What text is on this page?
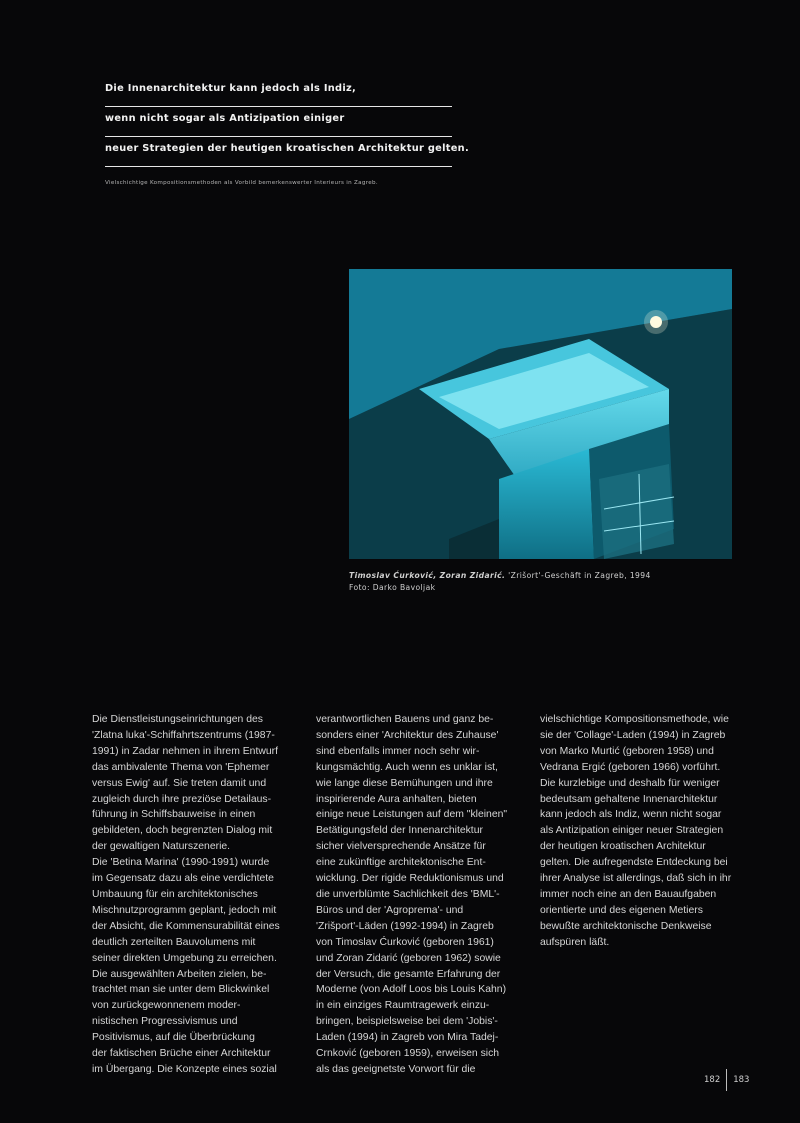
Die Innenarchitektur kann jedoch als Indiz,
wenn nicht sogar als Antizipation einiger
neuer Strategien der heutigen kroatischen Architektur gelten.
Vielschichtige Kompositionsmethoden als Vorbild bemerkenswerter Interieurs in Zagreb.
Timoslav Ćurković, Zoran Zidarić. 'Zrišort'-Geschäft in Zagreb, 1994
Foto: Darko Bavoljak
Die Dienstleistungseinrichtungen des
'Zlatna luka'-Schiffahrtszentrums (1987-
1991) in Zadar nehmen in ihrem Entwurf
das ambivalente Thema von 'Ephemer
versus Ewig' auf. Sie treten damit und
zugleich durch ihre preziöse Detailaus-
führung in Schiffsbauweise in einen
gebildeten, doch begrenzten Dialog mit
der gewaltigen Naturszenerie.
Die 'Betina Marina' (1990-1991) wurde
im Gegensatz dazu als eine verdichtete
Umbauung für ein architektonisches
Mischnutzprogramm geplant, jedoch mit
der Absicht, die Kommensurabilität eines
deutlich zerteilten Bauvolumens mit
seiner direkten Umgebung zu erreichen.
Die ausgewählten Arbeiten zielen, be-
trachtet man sie unter dem Blickwinkel
von zurückgewonnenem moder-
nistischen Progressivismus und
Positivismus, auf die Überbrückung
der faktischen Brüche einer Architektur
im Übergang. Die Konzepte eines sozial
verantwortlichen Bauens und ganz be-
sonders einer 'Architektur des Zuhause'
sind ebenfalls immer noch sehr wir-
kungsmächtig. Auch wenn es unklar ist,
wie lange diese Bemühungen und ihre
inspirierende Aura anhalten, bieten
einige neue Leistungen auf dem "kleinen"
Betätigungsfeld der Innenarchitektur
sicher vielversprechende Ansätze für
eine zukünftige architektonische Ent-
wicklung. Der rigide Reduktionismus und
die unverblümte Sachlichkeit des 'BML'-
Büros und der 'Agroprema'- und
'Zrišport'-Läden (1992-1994) in Zagreb
von Timoslav Ćurković (geboren 1961)
und Zoran Zidarić (geboren 1962) sowie
der Versuch, die gesamte Erfahrung der
Moderne (von Adolf Loos bis Louis Kahn)
in ein einziges Raumtragewerk einzu-
bringen, beispielsweise bei dem 'Jobis'-
Laden (1994) in Zagreb von Mira Tadej-
Crnković (geboren 1959), erweisen sich
als das geeignetste Vorwort für die
vielschichtige Kompositionsmethode, wie
sie der 'Collage'-Laden (1994) in Zagreb
von Marko Murtić (geboren 1958) und
Vedrana Ergić (geboren 1966) vorführt.
Die kurzlebige und deshalb für weniger
bedeutsam gehaltene Innenarchitektur
kann jedoch als Indiz, wenn nicht sogar
als Antizipation einiger neuer Strategien
der heutigen kroatischen Architektur
gelten. Die aufregendste Entdeckung bei
ihrer Analyse ist allerdings, daß sich in ihr
immer noch eine an den Bauaufgaben
orientierte und des eigenen Metiers
bewußte architektonische Denkweise
aufspüren läßt.
182 183
